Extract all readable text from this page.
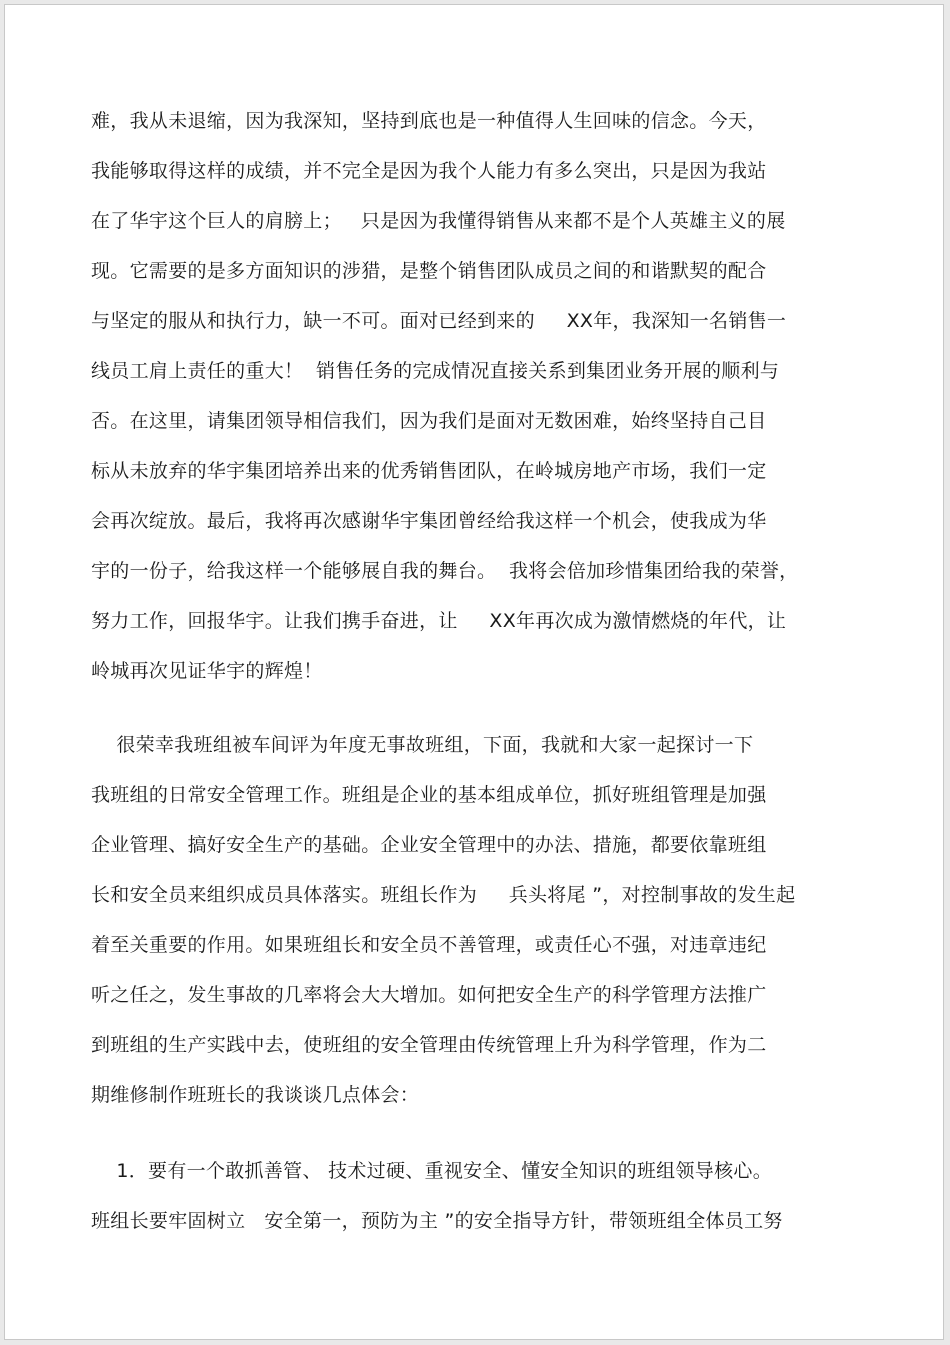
难，我从未退缩，因为我深知，坚持到底也是一种值得人生回味的信念。今天，
我能够取得这样的成绩，并不完全是因为我个人能力有多么突出，只是因为我站
在了华宇这个巨人的肩膀上；   只是因为我懂得销售从来都不是个人英雄主义的展
现。它需要的是多方面知识的涉猎，是整个销售团队成员之间的和谐默契的配合
与坚定的服从和执行力，缺一不可。面对已经到来的     XX年，我深知一名销售一
线员工肩上责任的重大！  销售任务的完成情况直接关系到集团业务开展的顺利与
否。在这里，请集团领导相信我们，因为我们是面对无数困难，始终坚持自己目
标从未放弃的华宇集团培养出来的优秀销售团队，在岭城房地产市场，我们一定
会再次绽放。最后，我将再次感谢华宇集团曾经给我这样一个机会，使我成为华
宇的一份子，给我这样一个能够展自我的舞台。  我将会倍加珍惜集团给我的荣誉，
努力工作，回报华宇。让我们携手奋进，让     XX年再次成为激情燃烧的年代，让
岭城再次见证华宇的辉煌！
很荣幸我班组被车间评为年度无事故班组，下面，我就和大家一起探讨一下
我班组的日常安全管理工作。班组是企业的基本组成单位，抓好班组管理是加强
企业管理、搞好安全生产的基础。企业安全管理中的办法、措施，都要依靠班组
长和安全员来组织成员具体落实。班组长作为     兵头将尾 ”，对控制事故的发生起
着至关重要的作用。如果班组长和安全员不善管理，或责任心不强，对违章违纪
听之任之，发生事故的几率将会大大增加。如何把安全生产的科学管理方法推广
到班组的生产实践中去，使班组的安全管理由传统管理上升为科学管理，作为二
期维修制作班班长的我谈谈几点体会：
1．要有一个敢抓善管、 技术过硬、重视安全、懂安全知识的班组领导核心。
班组长要牢固树立   安全第一，预防为主 ”的安全指导方针，带领班组全体员工努
